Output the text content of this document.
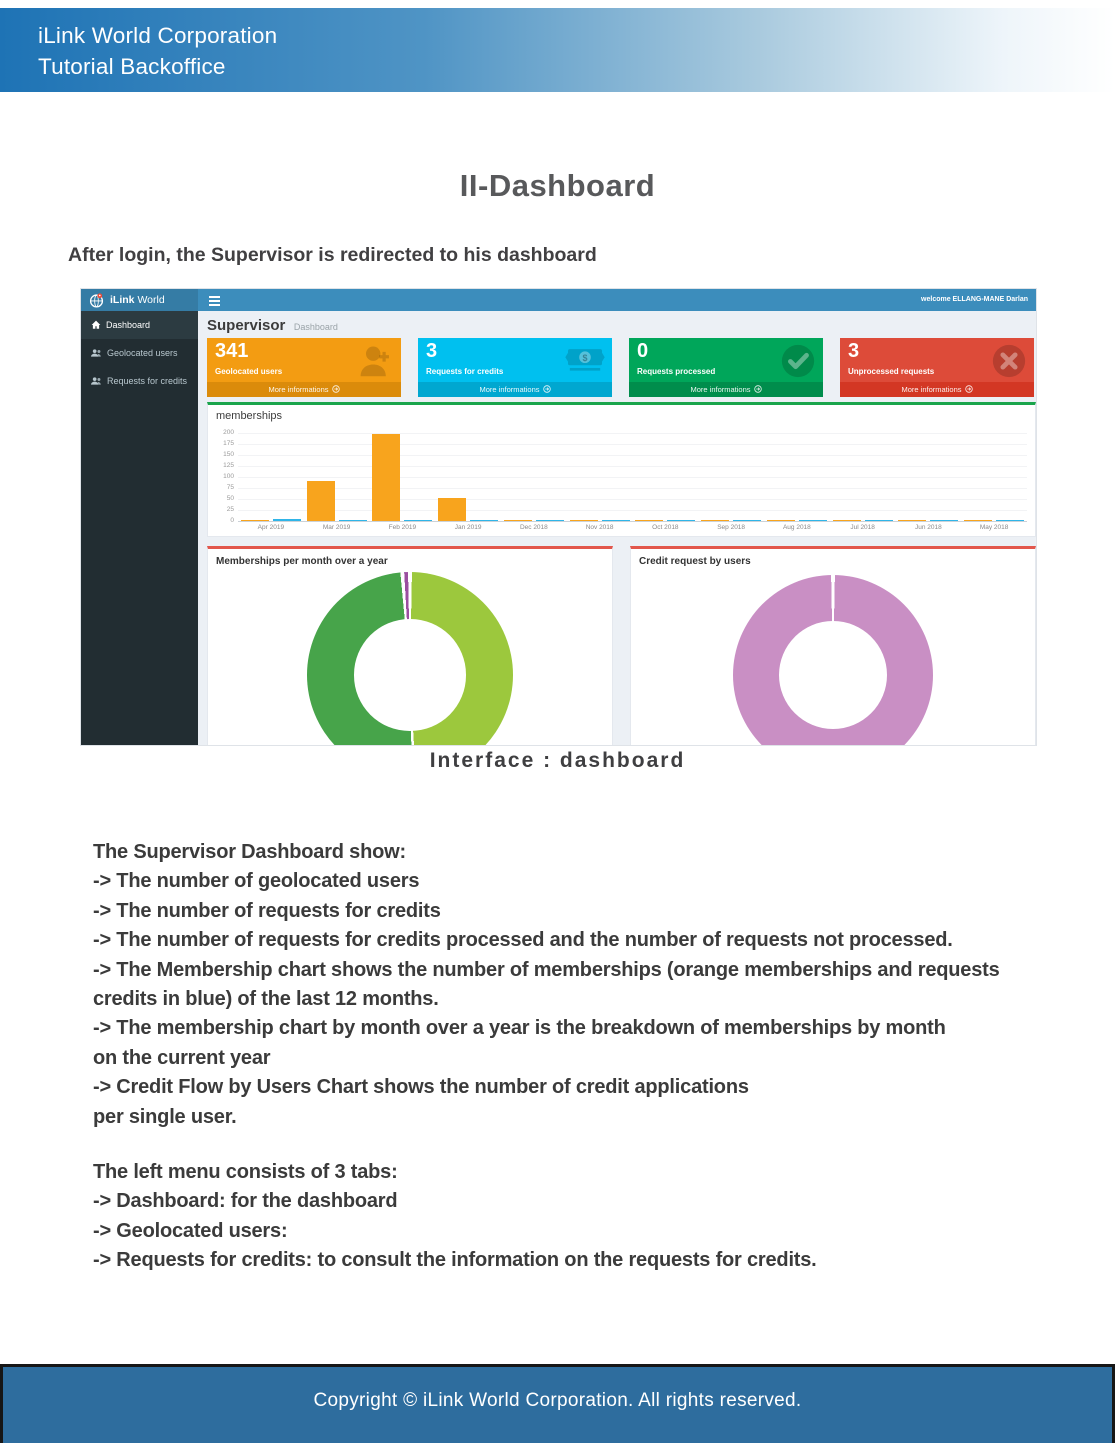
iLink World Corporation
Tutorial Backoffice
II-Dashboard
After login, the Supervisor is redirected to his dashboard
iLink World	welcome ELLANG-MANE Darlan
Dashboard
Geolocated users
Requests for credits
Supervisor Dashboard
341
Geolocated users
More informations
3
Requests for credits
$
More informations
0
Requests processed
More informations
3
Unprocessed requests
More informations
memberships
0
25
50
75
100
125
150
175
200
Apr 2019	Mar 2019	Feb 2019	Jan 2019	Dec 2018	Nov 2018	Oct 2018	Sep 2018	Aug 2018	Jul 2018	Jun 2018	May 2018
Memberships per month over a year	Credit request by users
Interface : dashboard
The Supervisor Dashboard show:
-> The number of geolocated users
-> The number of requests for credits
-> The number of requests for credits processed and the number of requests not processed.
-> The Membership chart shows the number of memberships (orange memberships and requests
credits in blue) of the last 12 months.
-> The membership chart by month over a year is the breakdown of memberships by month
on the current year
-> Credit Flow by Users Chart shows the number of credit applications
per single user.
The left menu consists of 3 tabs:
-> Dashboard: for the dashboard
-> Geolocated users:
-> Requests for credits: to consult the information on the requests for credits.
Copyright © iLink World Corporation. All rights reserved.
